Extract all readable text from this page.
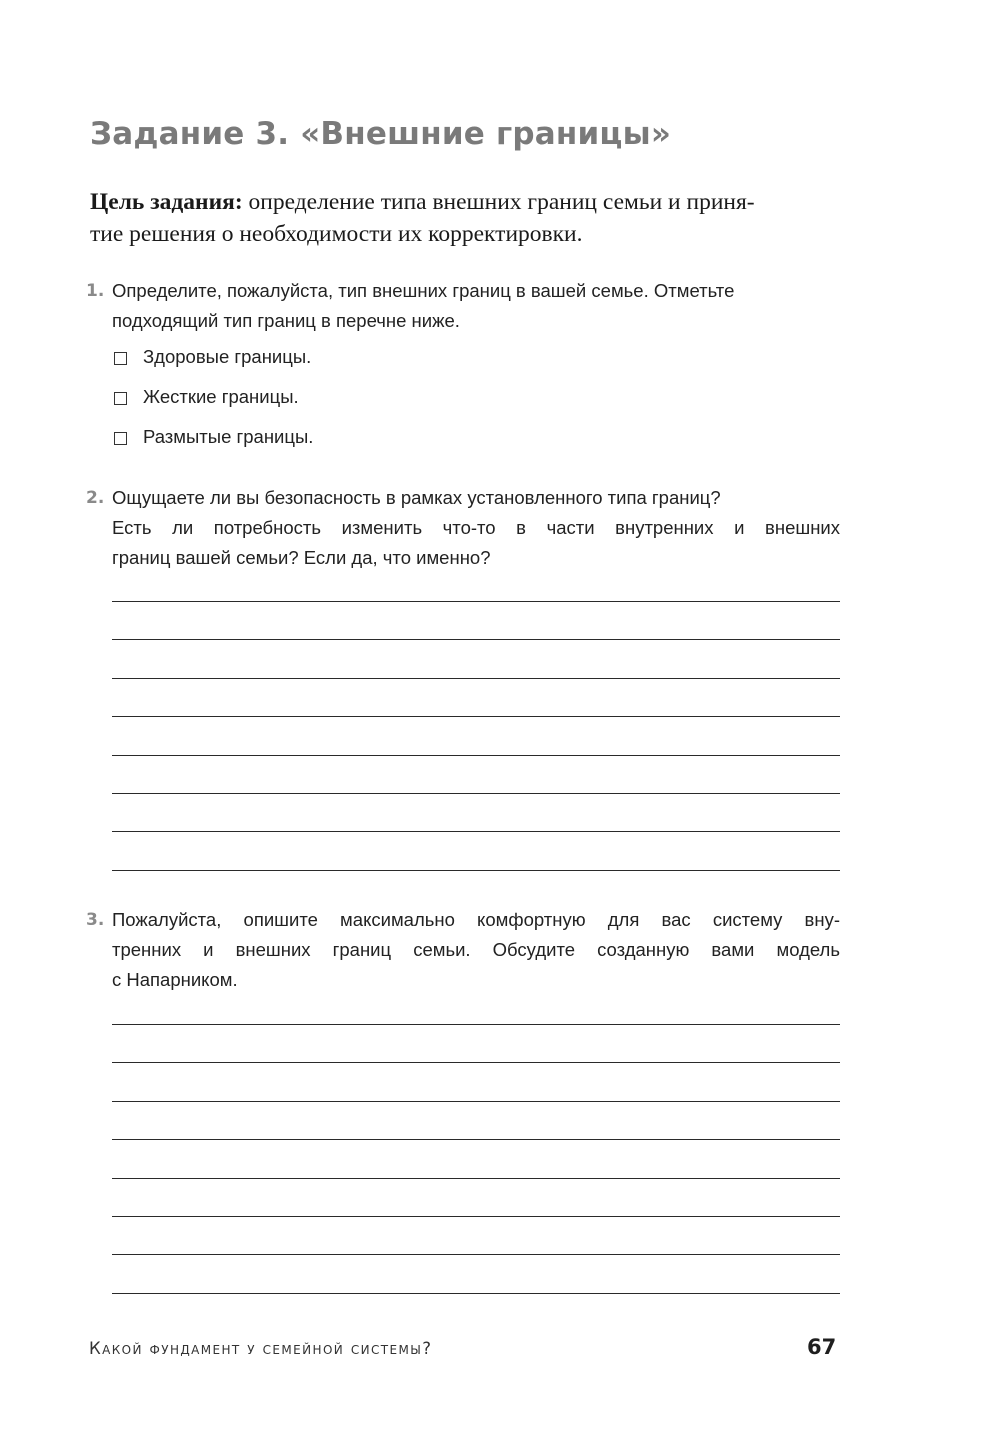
Задание 3. «Внешние границы»

Цель задания: определение типа внешних границ семьи и приня-
тие решения о необходимости их корректировки.

1. Определите, пожалуйста, тип внешних границ в вашей семье. Отметьте
подходящий тип границ в перечне ниже.
Здоровые границы.
Жесткие границы.
Размытые границы.
2. Ощущаете ли вы безопасность в рамках установленного типа границ?
Есть ли потребность изменить что-то в части внутренних и внешних
границ вашей семьи? Если да, что именно?
3. Пожалуйста, опишите максимально комфортную для вас систему вну-
тренних и внешних границ семьи. Обсудите созданную вами модель
с Напарником.
Какой фундамент у семейной системы?	67
